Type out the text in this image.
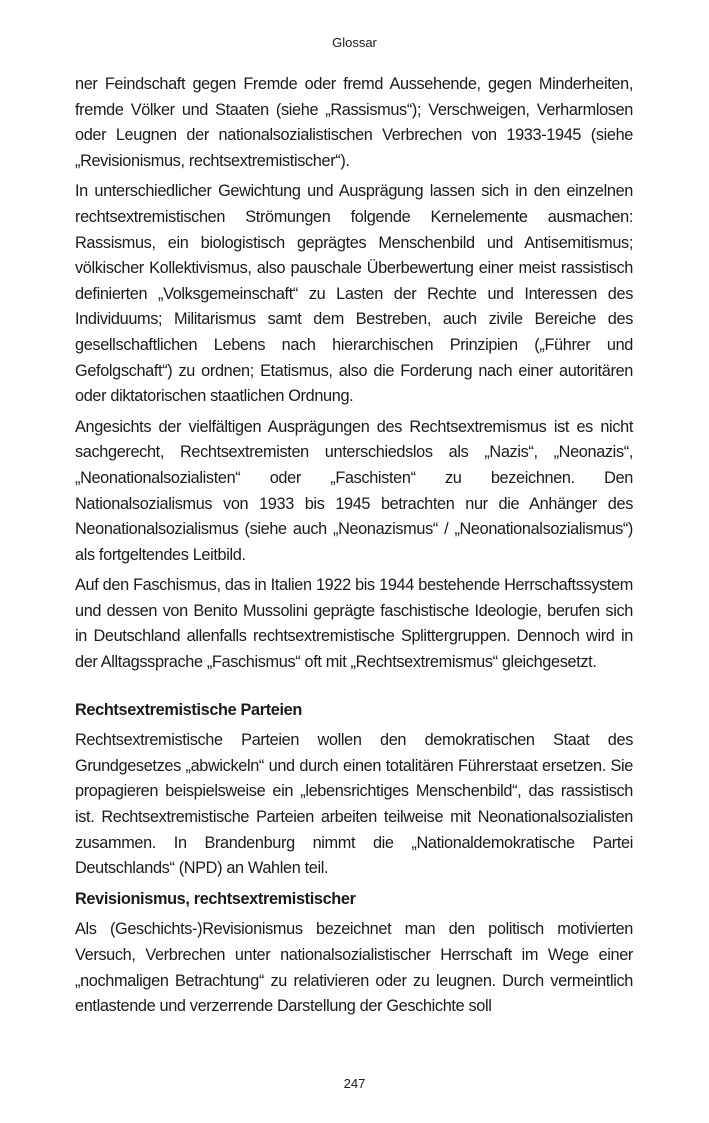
Glossar

ner Feindschaft gegen Fremde oder fremd Aussehende, gegen Minderheiten, fremde Völker und Staaten (siehe „Rassismus“); Verschweigen, Verharmlosen oder Leugnen der nationalsozialistischen Verbrechen von 1933-1945 (siehe „Revisionismus, rechtsextremistischer“).

In unterschiedlicher Gewichtung und Ausprägung lassen sich in den einzelnen rechtsextremistischen Strömungen folgende Kernelemente ausmachen: Rassismus, ein biologistisch geprägtes Menschenbild und Antisemitismus; völkischer Kollektivismus, also pauschale Überbewertung einer meist rassistisch definierten „Volksgemeinschaft“ zu Lasten der Rechte und Interessen des Individuums; Militarismus samt dem Bestreben, auch zivile Bereiche des gesellschaftlichen Lebens nach hierarchischen Prinzipien („Führer und Gefolgschaft“) zu ordnen; Etatismus, also die Forderung nach einer autoritären oder diktatorischen staatlichen Ordnung.

Angesichts der vielfältigen Ausprägungen des Rechtsextremismus ist es nicht sachgerecht, Rechtsextremisten unterschiedslos als „Nazis“, „Neonazis“, „Neonationalsozialisten“ oder „Faschisten“ zu bezeichnen. Den Nationalsozialismus von 1933 bis 1945 betrachten nur die Anhänger des Neonationalsozialismus (siehe auch „Neonazismus“ / „Neonationalsozialismus“) als fortgeltendes Leitbild.

Auf den Faschismus, das in Italien 1922 bis 1944 bestehende Herrschaftssystem und dessen von Benito Mussolini geprägte faschistische Ideologie, berufen sich in Deutschland allenfalls rechtsextremistische Splittergruppen. Dennoch wird in der Alltagssprache „Faschismus“ oft mit „Rechtsextremismus“ gleichgesetzt.

Rechtsextremistische Parteien

Rechtsextremistische Parteien wollen den demokratischen Staat des Grundgesetzes „abwickeln“ und durch einen totalitären Führerstaat ersetzen. Sie propagieren beispielsweise ein „lebensrichtiges Menschenbild“, das rassistisch ist. Rechtsextremistische Parteien arbeiten teilweise mit Neonationalsozialisten zusammen. In Brandenburg nimmt die „Nationaldemokratische Partei Deutschlands“ (NPD) an Wahlen teil.

Revisionismus, rechtsextremistischer

Als (Geschichts-)Revisionismus bezeichnet man den politisch motivierten Versuch, Verbrechen unter nationalsozialistischer Herrschaft im Wege einer „nochmaligen Betrachtung“ zu relativieren oder zu leugnen. Durch vermeintlich entlastende und verzerrende Darstellung der Geschichte soll

247
